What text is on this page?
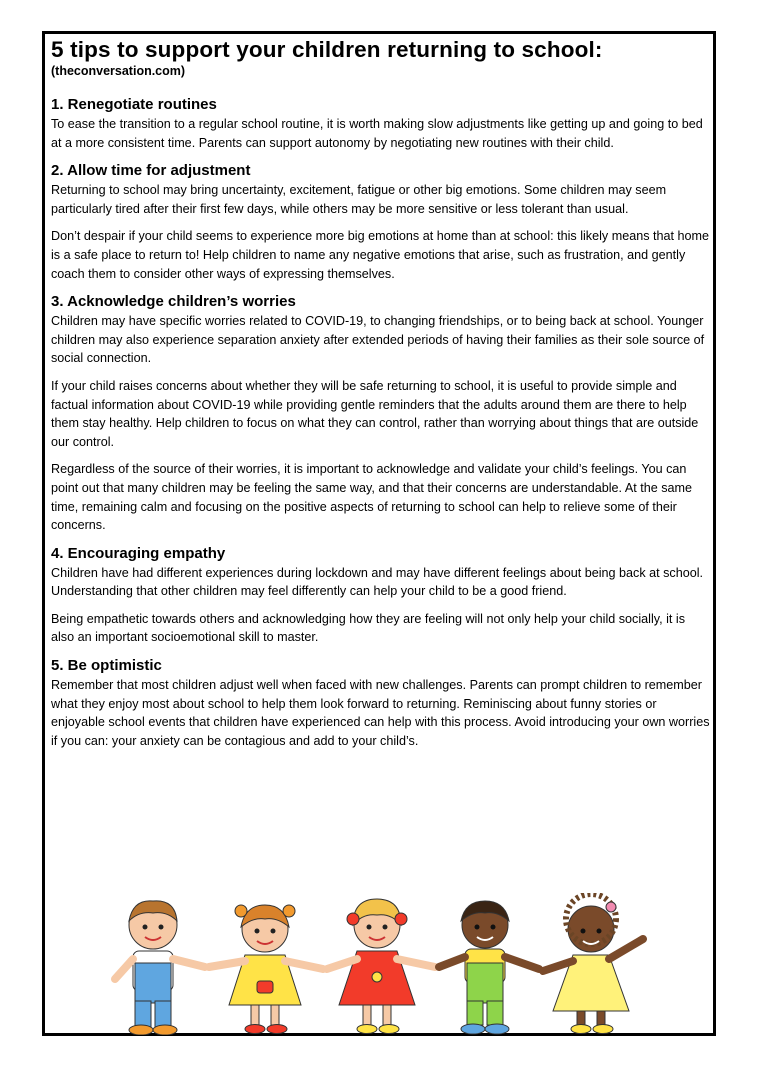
5 tips to support your children returning to school:
(theconversation.com)
1. Renegotiate routines

To ease the transition to a regular school routine, it is worth making slow adjustments like getting up and going to bed at a more consistent time. Parents can support autonomy by negotiating new routines with their child.

2. Allow time for adjustment

Returning to school may bring uncertainty, excitement, fatigue or other big emotions. Some children may seem particularly tired after their first few days, while others may be more sensitive or less tolerant than usual.

Don’t despair if your child seems to experience more big emotions at home than at school: this likely means that home is a safe place to return to! Help children to name any negative emotions that arise, such as frustration, and gently coach them to consider other ways of expressing themselves.

3. Acknowledge children’s worries

Children may have specific worries related to COVID-19, to changing friendships, or to being back at school. Younger children may also experience separation anxiety after extended periods of having their families as their sole source of social connection.

If your child raises concerns about whether they will be safe returning to school, it is useful to provide simple and factual information about COVID-19 while providing gentle reminders that the adults around them are there to help them stay healthy. Help children to focus on what they can control, rather than worrying about things that are outside our control.

Regardless of the source of their worries, it is important to acknowledge and validate your child’s feelings. You can point out that many children may be feeling the same way, and that their concerns are understandable. At the same time, remaining calm and focusing on the positive aspects of returning to school can help to relieve some of their concerns.

4. Encouraging empathy

Children have had different experiences during lockdown and may have different feelings about being back at school. Understanding that other children may feel differently can help your child to be a good friend.

Being empathetic towards others and acknowledging how they are feeling will not only help your child socially, it is also an important socioemotional skill to master.

5. Be optimistic

Remember that most children adjust well when faced with new challenges. Parents can prompt children to remember what they enjoy most about school to help them look forward to returning. Reminiscing about funny stories or enjoyable school events that children have experienced can help with this process. Avoid introducing your own worries if you can: your anxiety can be contagious and add to your child’s.
